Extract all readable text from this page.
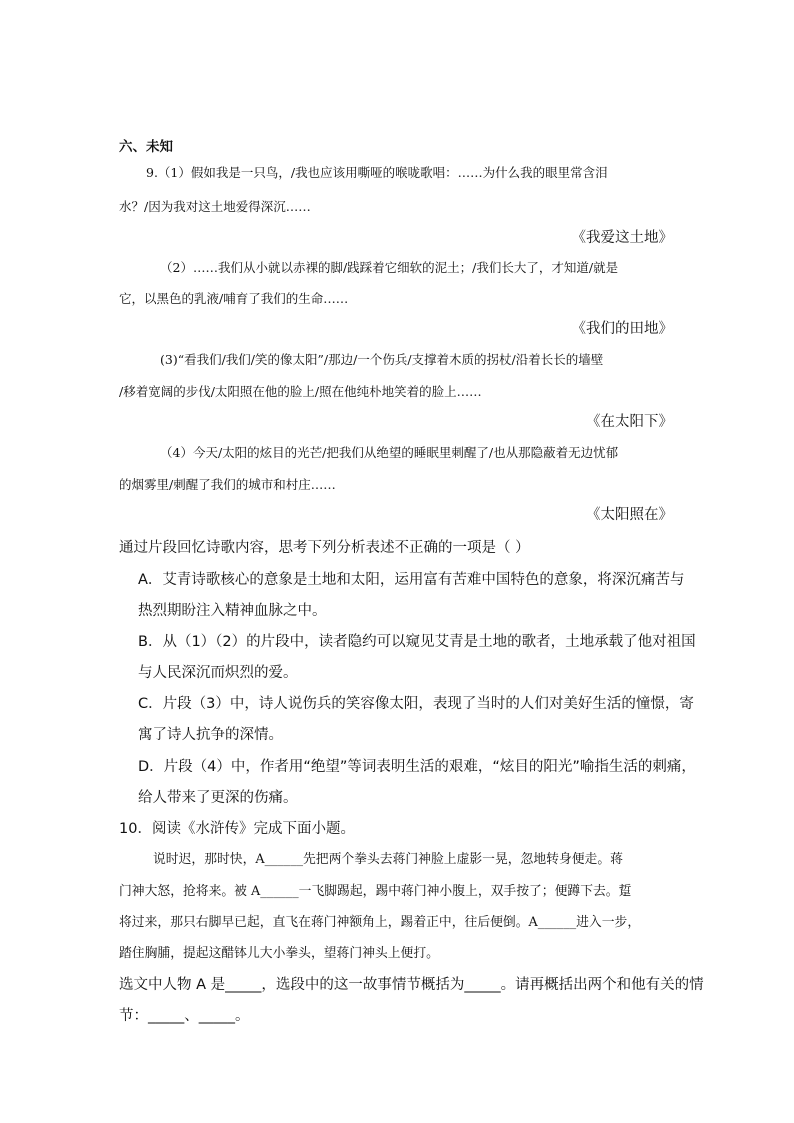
六、未知
9.（1）假如我是一只鸟，/我也应该用嘶哑的喉咙歌唱：……为什么我的眼里常含泪
水？/因为我对这土地爱得深沉……
《我爱这土地》
（2）……我们从小就以赤裸的脚/践踩着它细软的泥土；/我们长大了，才知道/就是
它，以黑色的乳液/哺育了我们的生命……
《我们的田地》
(3)“看我们/我们/笑的像太阳”/那边/一个伤兵/支撑着木质的拐杖/沿着长长的墙壁
/移着宽阔的步伐/太阳照在他的脸上/照在他纯朴地笑着的脸上……
《在太阳下》
（4）今天/太阳的炫目的光芒/把我们从绝望的睡眠里刺醒了/也从那隐蔽着无边忧郁
的烟雾里/刺醒了我们的城市和村庄……
《太阳照在》
通过片段回忆诗歌内容，思考下列分析表述不正确的一项是（ ）
A．艾青诗歌核心的意象是土地和太阳，运用富有苦难中国特色的意象，将深沉痛苦与
热烈期盼注入精神血脉之中。
B．从（1）（2）的片段中，读者隐约可以窥见艾青是土地的歌者，土地承载了他对祖国
与人民深沉而炽烈的爱。
C．片段（3）中，诗人说伤兵的笑容像太阳，表现了当时的人们对美好生活的憧憬，寄
寓了诗人抗争的深情。
D．片段（4）中，作者用“绝望”等词表明生活的艰难，“炫目的阳光”喻指生活的刺痛，
给人带来了更深的伤痛。
10．阅读《水浒传》完成下面小题。
说时迟，那时快，A______先把两个拳头去蒋门神脸上虚影一晃，忽地转身便走。蒋
门神大怒，抢将来。被 A______一飞脚踢起，踢中蒋门神小腹上，双手按了；便蹲下去。踅
将过来，那只右脚早已起，直飞在蒋门神额角上，踢着正中，往后便倒。A______进入一步，
踏住胸脯，提起这醋钵儿大小拳头，望蒋门神头上便打。
选文中人物 A 是_____，选段中的这一故事情节概括为_____。请再概括出两个和他有关的情
节：_____、_____。
